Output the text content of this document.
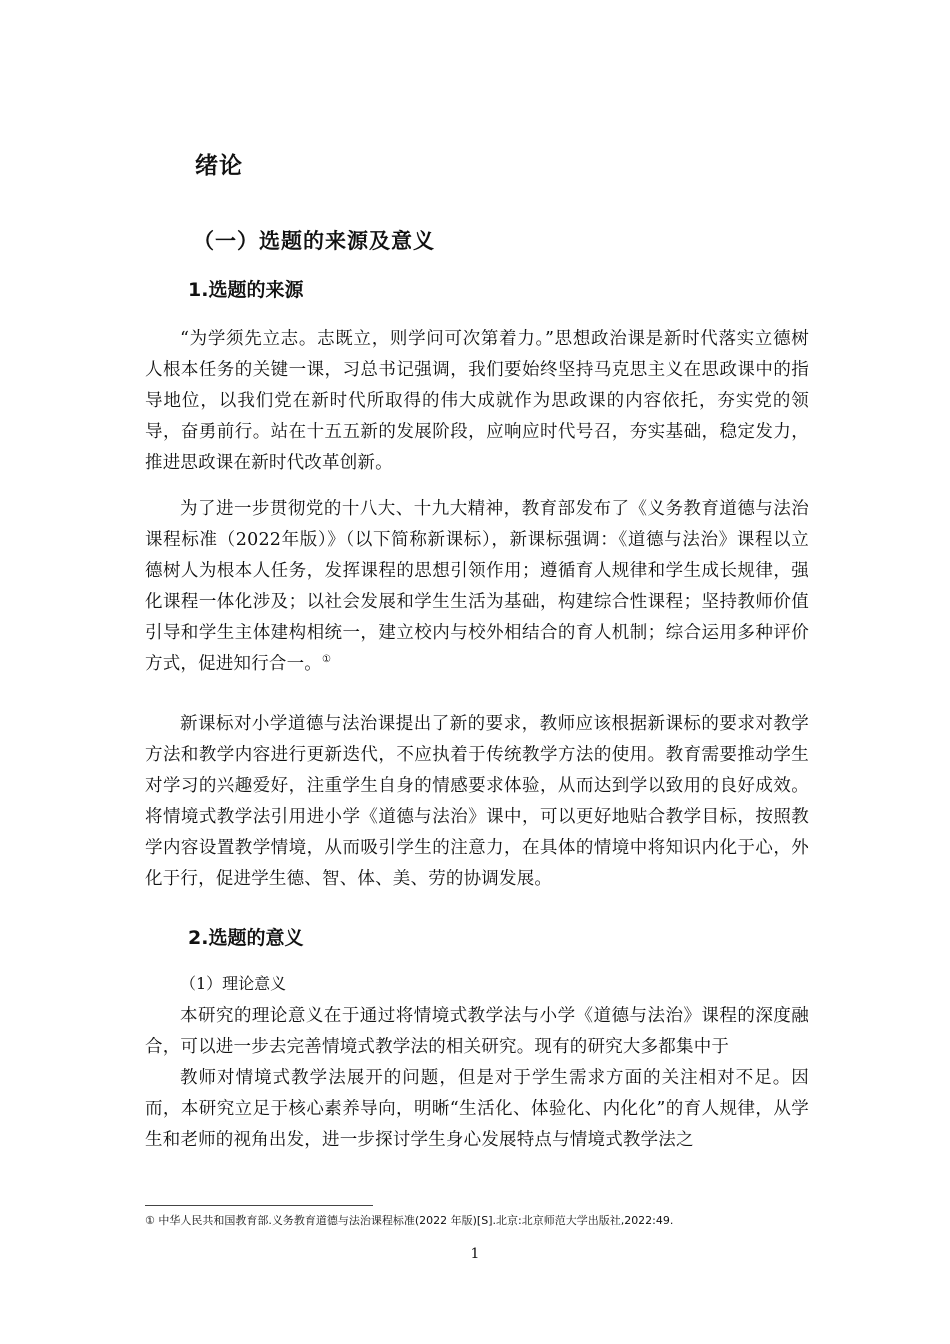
绪论
（一）选题的来源及意义
1.选题的来源

“为学须先立志。志既立，则学问可次第着力。”思想政治课是新时代落实立德树人根本任务的关键一课，习总书记强调，我们要始终坚持马克思主义在思政课中的指导地位，以我们党在新时代所取得的伟大成就作为思政课的内容依托，夯实党的领导，奋勇前行。站在十五五新的发展阶段，应响应时代号召，夯实基础，稳定发力，推进思政课在新时代改革创新。

为了进一步贯彻党的十八大、十九大精神，教育部发布了《义务教育道德与法治课程标准（2022年版）》（以下简称新课标），新课标强调：《道德与法治》课程以立德树人为根本人任务，发挥课程的思想引领作用；遵循育人规律和学生成长规律，强化课程一体化涉及；以社会发展和学生生活为基础，构建综合性课程；坚持教师价值引导和学生主体建构相统一，建立校内与校外相结合的育人机制；综合运用多种评价方式，促进知行合一。①

新课标对小学道德与法治课提出了新的要求，教师应该根据新课标的要求对教学方法和教学内容进行更新迭代，不应执着于传统教学方法的使用。教育需要推动学生对学习的兴趣爱好，注重学生自身的情感要求体验，从而达到学以致用的良好成效。将情境式教学法引用进小学《道德与法治》课中，可以更好地贴合教学目标，按照教学内容设置教学情境，从而吸引学生的注意力，在具体的情境中将知识内化于心，外化于行，促进学生德、智、体、美、劳的协调发展。

2.选题的意义
（1）理论意义

本研究的理论意义在于通过将情境式教学法与小学《道德与法治》课程的深度融合，可以进一步去完善情境式教学法的相关研究。现有的研究大多都集中于

教师对情境式教学法展开的问题，但是对于学生需求方面的关注相对不足。因而，本研究立足于核心素养导向，明晰“生活化、体验化、内化化”的育人规律，从学生和老师的视角出发，进一步探讨学生身心发展特点与情境式教学法之

① 中华人民共和国教育部.义务教育道德与法治课程标准(2022 年版)[S].北京:北京师范大学出版社,2022:49.
1
